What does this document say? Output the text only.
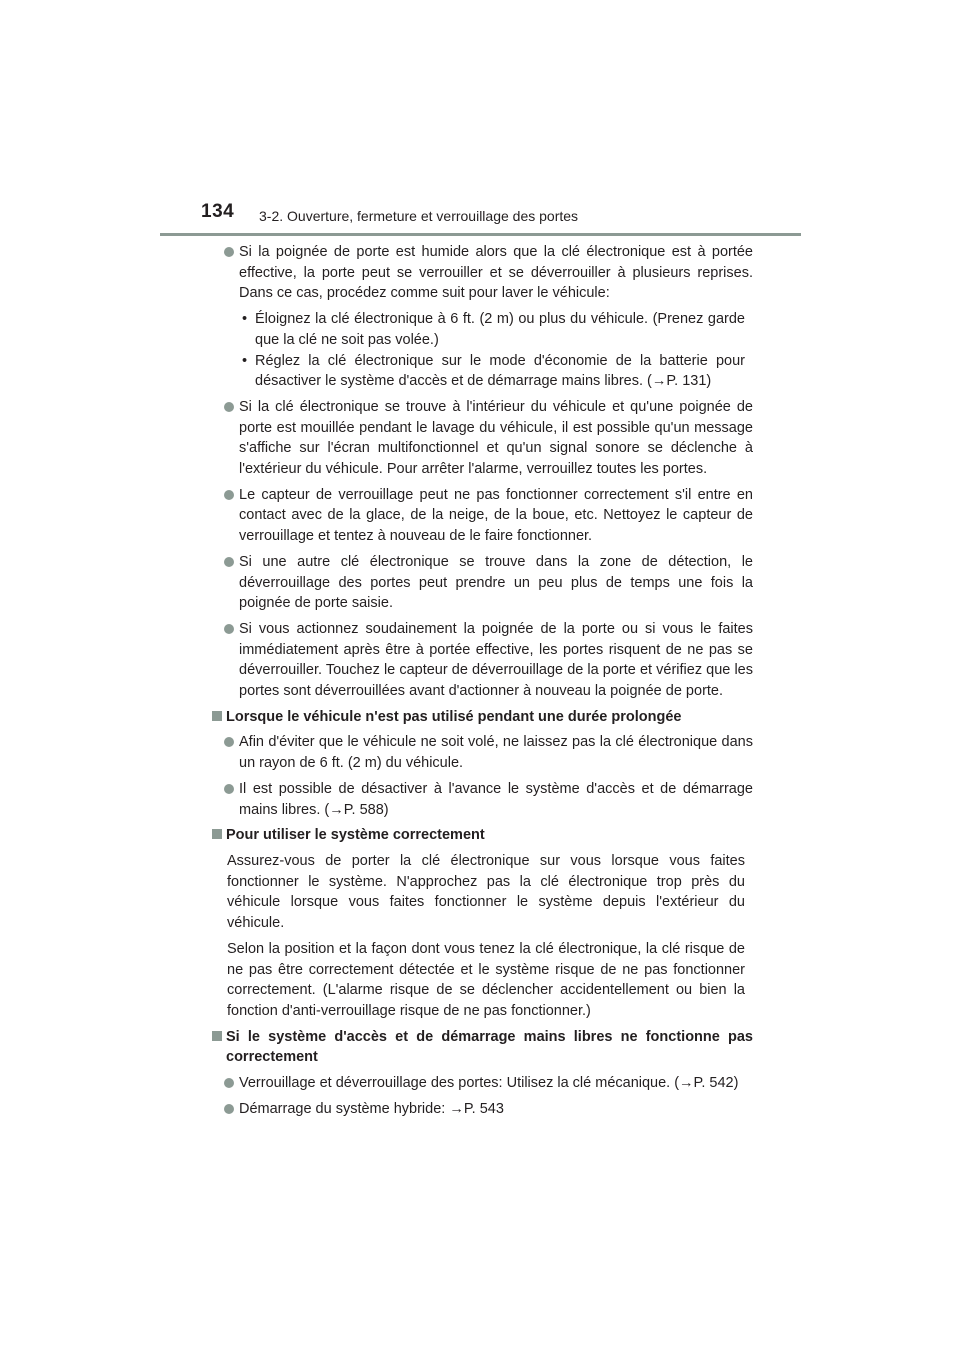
134 3-2. Ouverture, fermeture et verrouillage des portes
Si la poignée de porte est humide alors que la clé électronique est à portée effective, la porte peut se verrouiller et se déverrouiller à plusieurs reprises. Dans ce cas, procédez comme suit pour laver le véhicule:
• Éloignez la clé électronique à 6 ft. (2 m) ou plus du véhicule. (Prenez garde que la clé ne soit pas volée.)
• Réglez la clé électronique sur le mode d'économie de la batterie pour désactiver le système d'accès et de démarrage mains libres. (→P. 131)
Si la clé électronique se trouve à l'intérieur du véhicule et qu'une poignée de porte est mouillée pendant le lavage du véhicule, il est possible qu'un message s'affiche sur l'écran multifonctionnel et qu'un signal sonore se déclenche à l'extérieur du véhicule. Pour arrêter l'alarme, verrouillez toutes les portes.
Le capteur de verrouillage peut ne pas fonctionner correctement s'il entre en contact avec de la glace, de la neige, de la boue, etc. Nettoyez le capteur de verrouillage et tentez à nouveau de le faire fonctionner.
Si une autre clé électronique se trouve dans la zone de détection, le déverrouillage des portes peut prendre un peu plus de temps une fois la poignée de porte saisie.
Si vous actionnez soudainement la poignée de la porte ou si vous le faites immédiatement après être à portée effective, les portes risquent de ne pas se déverrouiller. Touchez le capteur de déverrouillage de la porte et vérifiez que les portes sont déverrouillées avant d'actionner à nouveau la poignée de porte.
Lorsque le véhicule n'est pas utilisé pendant une durée prolongée
Afin d'éviter que le véhicule ne soit volé, ne laissez pas la clé électronique dans un rayon de 6 ft. (2 m) du véhicule.
Il est possible de désactiver à l'avance le système d'accès et de démarrage mains libres. (→P. 588)
Pour utiliser le système correctement
Assurez-vous de porter la clé électronique sur vous lorsque vous faites fonctionner le système. N'approchez pas la clé électronique trop près du véhicule lorsque vous faites fonctionner le système depuis l'extérieur du véhicule.
Selon la position et la façon dont vous tenez la clé électronique, la clé risque de ne pas être correctement détectée et le système risque de ne pas fonctionner correctement. (L'alarme risque de se déclencher accidentellement ou bien la fonction d'anti-verrouillage risque de ne pas fonctionner.)
Si le système d'accès et de démarrage mains libres ne fonctionne pas correctement
Verrouillage et déverrouillage des portes: Utilisez la clé mécanique. (→P. 542)
Démarrage du système hybride: →P. 543
